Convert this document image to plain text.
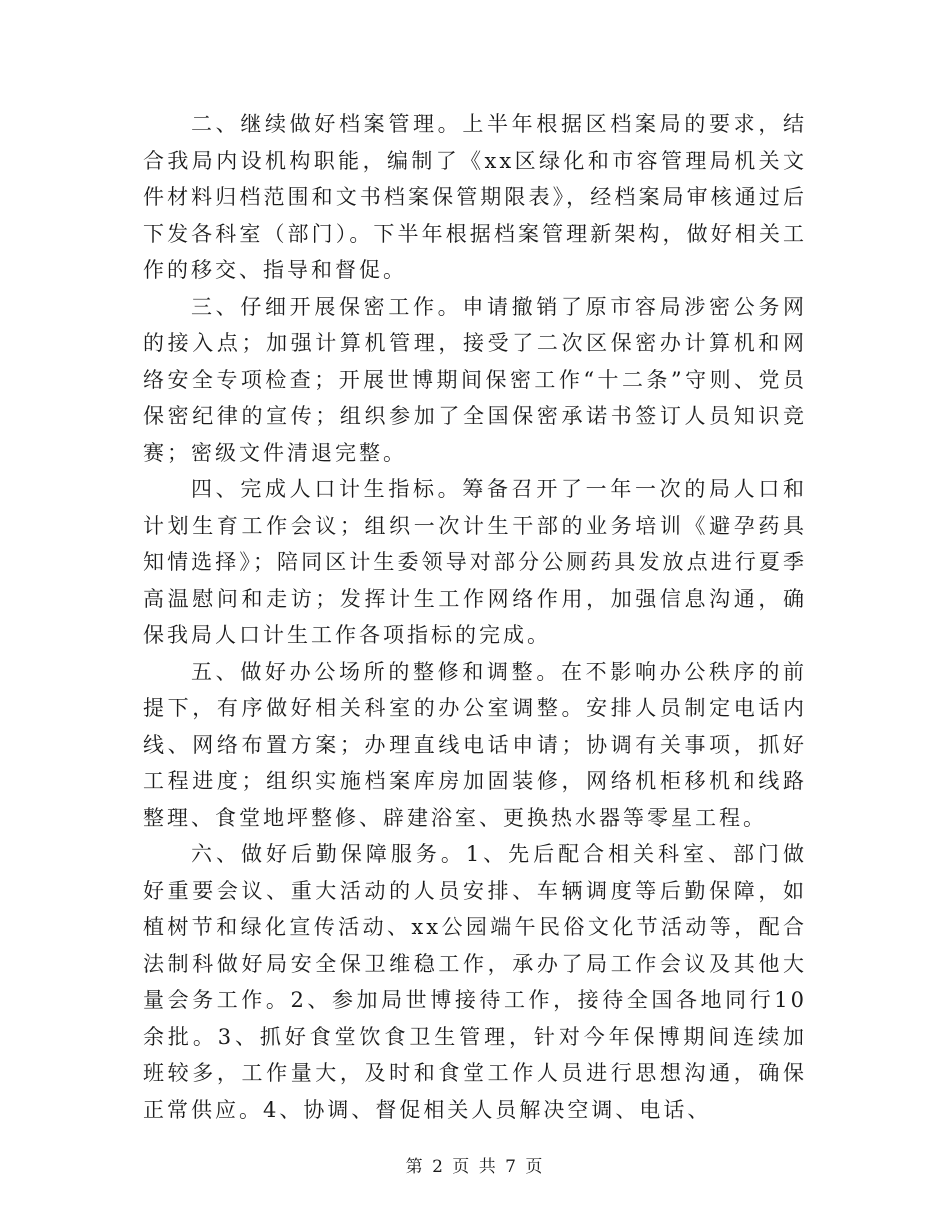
二、继续做好档案管理。上半年根据区档案局的要求，结合我局内设机构职能，编制了《xx区绿化和市容管理局机关文件材料归档范围和文书档案保管期限表》，经档案局审核通过后下发各科室（部门）。下半年根据档案管理新架构，做好相关工作的移交、指导和督促。

三、仔细开展保密工作。申请撤销了原市容局涉密公务网的接入点；加强计算机管理，接受了二次区保密办计算机和网络安全专项检查；开展世博期间保密工作“十二条”守则、党员保密纪律的宣传；组织参加了全国保密承诺书签订人员知识竞赛；密级文件清退完整。

四、完成人口计生指标。筹备召开了一年一次的局人口和计划生育工作会议；组织一次计生干部的业务培训《避孕药具知情选择》；陪同区计生委领导对部分公厕药具发放点进行夏季高温慰问和走访；发挥计生工作网络作用，加强信息沟通，确保我局人口计生工作各项指标的完成。

五、做好办公场所的整修和调整。在不影响办公秩序的前提下，有序做好相关科室的办公室调整。安排人员制定电话内线、网络布置方案；办理直线电话申请；协调有关事项，抓好工程进度；组织实施档案库房加固装修，网络机柜移机和线路整理、食堂地坪整修、辟建浴室、更换热水器等零星工程。

六、做好后勤保障服务。1、先后配合相关科室、部门做好重要会议、重大活动的人员安排、车辆调度等后勤保障，如植树节和绿化宣传活动、xx公园端午民俗文化节活动等，配合法制科做好局安全保卫维稳工作，承办了局工作会议及其他大量会务工作。2、参加局世博接待工作，接待全国各地同行10余批。3、抓好食堂饮食卫生管理，针对今年保博期间连续加班较多，工作量大，及时和食堂工作人员进行思想沟通，确保正常供应。4、协调、督促相关人员解决空调、电话、

第 2 页 共 7 页
